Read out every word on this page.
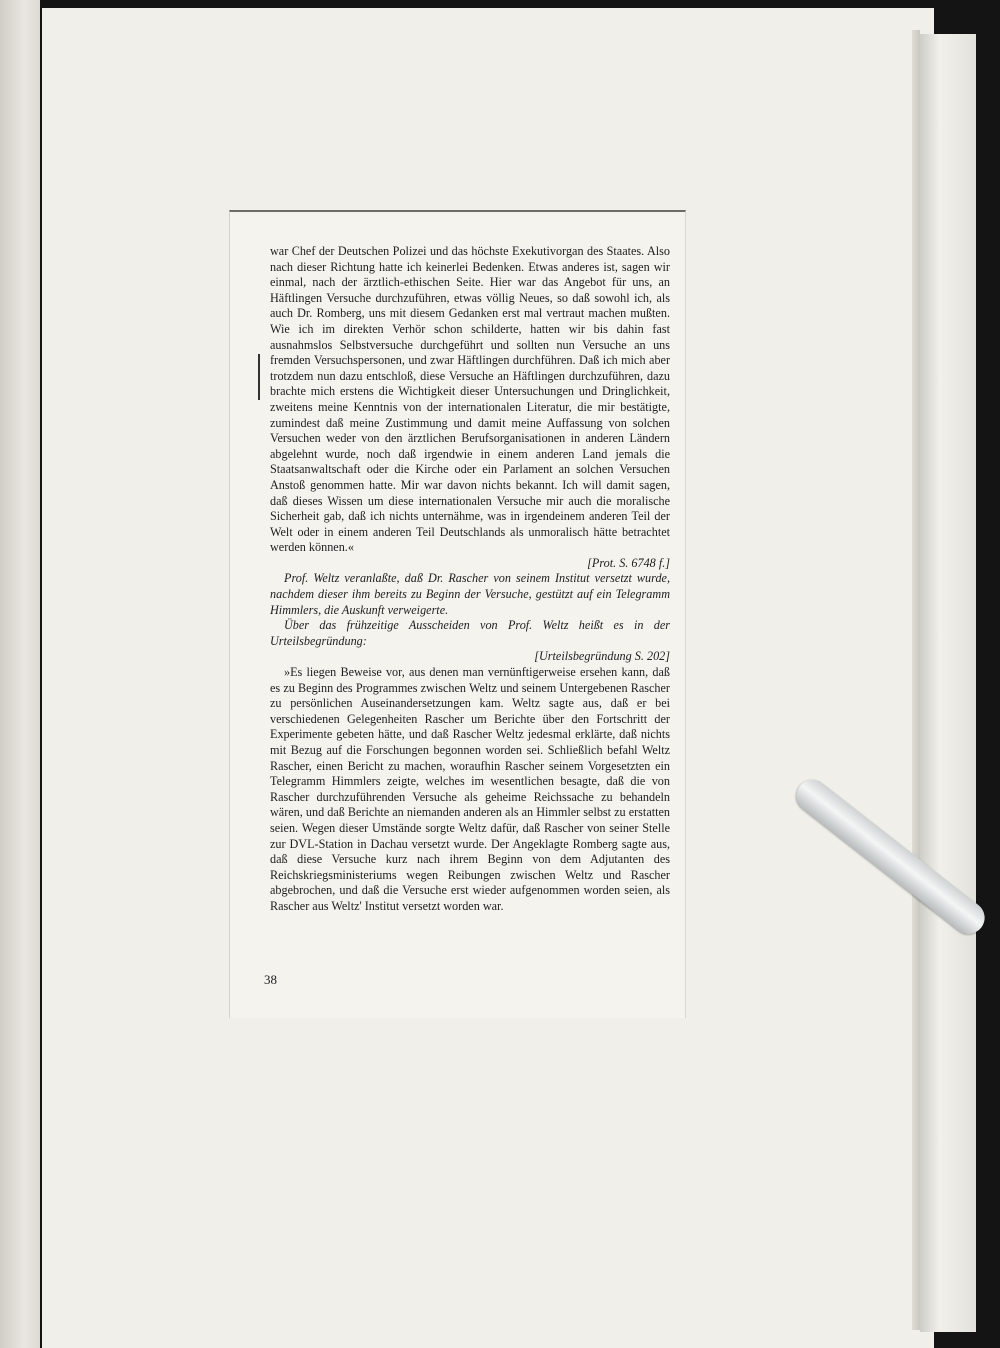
war Chef der Deutschen Polizei und das höchste Exekutivorgan des Staates. Also nach dieser Richtung hatte ich keinerlei Bedenken. Etwas anderes ist, sagen wir einmal, nach der ärztlich-ethischen Seite. Hier war das Angebot für uns, an Häftlingen Versuche durchzuführen, etwas völlig Neues, so daß sowohl ich, als auch Dr. Romberg, uns mit diesem Gedanken erst mal vertraut machen mußten. Wie ich im direkten Verhör schon schilderte, hatten wir bis dahin fast ausnahmslos Selbstversuche durchgeführt und sollten nun Versuche an uns fremden Versuchspersonen, und zwar Häftlingen durchführen. Daß ich mich aber trotzdem nun dazu entschloß, diese Versuche an Häftlingen durchzuführen, dazu brachte mich erstens die Wichtigkeit dieser Untersuchungen und Dringlichkeit, zweitens meine Kenntnis von der internationalen Literatur, die mir bestätigte, zumindest daß meine Zustimmung und damit meine Auffassung von solchen Versuchen weder von den ärztlichen Berufsorganisationen in anderen Ländern abgelehnt wurde, noch daß irgendwie in einem anderen Land jemals die Staatsanwaltschaft oder die Kirche oder ein Parlament an solchen Versuchen Anstoß genommen hatte. Mir war davon nichts bekannt. Ich will damit sagen, daß dieses Wissen um diese internationalen Versuche mir auch die moralische Sicherheit gab, daß ich nichts unternähme, was in irgendeinem anderen Teil der Welt oder in einem anderen Teil Deutschlands als unmoralisch hätte betrachtet werden können.«

[Prot. S. 6748 f.]

Prof. Weltz veranlaßte, daß Dr. Rascher von seinem Institut versetzt wurde, nachdem dieser ihm bereits zu Beginn der Versuche, gestützt auf ein Telegramm Himmlers, die Auskunft verweigerte.

Über das frühzeitige Ausscheiden von Prof. Weltz heißt es in der Urteilsbegründung:

[Urteilsbegründung S. 202]

»Es liegen Beweise vor, aus denen man vernünftigerweise ersehen kann, daß es zu Beginn des Programmes zwischen Weltz und seinem Untergebenen Rascher zu persönlichen Auseinandersetzungen kam. Weltz sagte aus, daß er bei verschiedenen Gelegenheiten Rascher um Berichte über den Fortschritt der Experimente gebeten hätte, und daß Rascher Weltz jedesmal erklärte, daß nichts mit Bezug auf die Forschungen begonnen worden sei. Schließlich befahl Weltz Rascher, einen Bericht zu machen, woraufhin Rascher seinem Vorgesetzten ein Telegramm Himmlers zeigte, welches im wesentlichen besagte, daß die von Rascher durchzuführenden Versuche als geheime Reichssache zu behandeln wären, und daß Berichte an niemanden anderen als an Himmler selbst zu erstatten seien. Wegen dieser Umstände sorgte Weltz dafür, daß Rascher von seiner Stelle zur DVL-Station in Dachau versetzt wurde. Der Angeklagte Romberg sagte aus, daß diese Versuche kurz nach ihrem Beginn von dem Adjutanten des Reichskriegsministeriums wegen Reibungen zwischen Weltz und Rascher abgebrochen, und daß die Versuche erst wieder aufgenommen worden seien, als Rascher aus Weltz' Institut versetzt worden war.

38
